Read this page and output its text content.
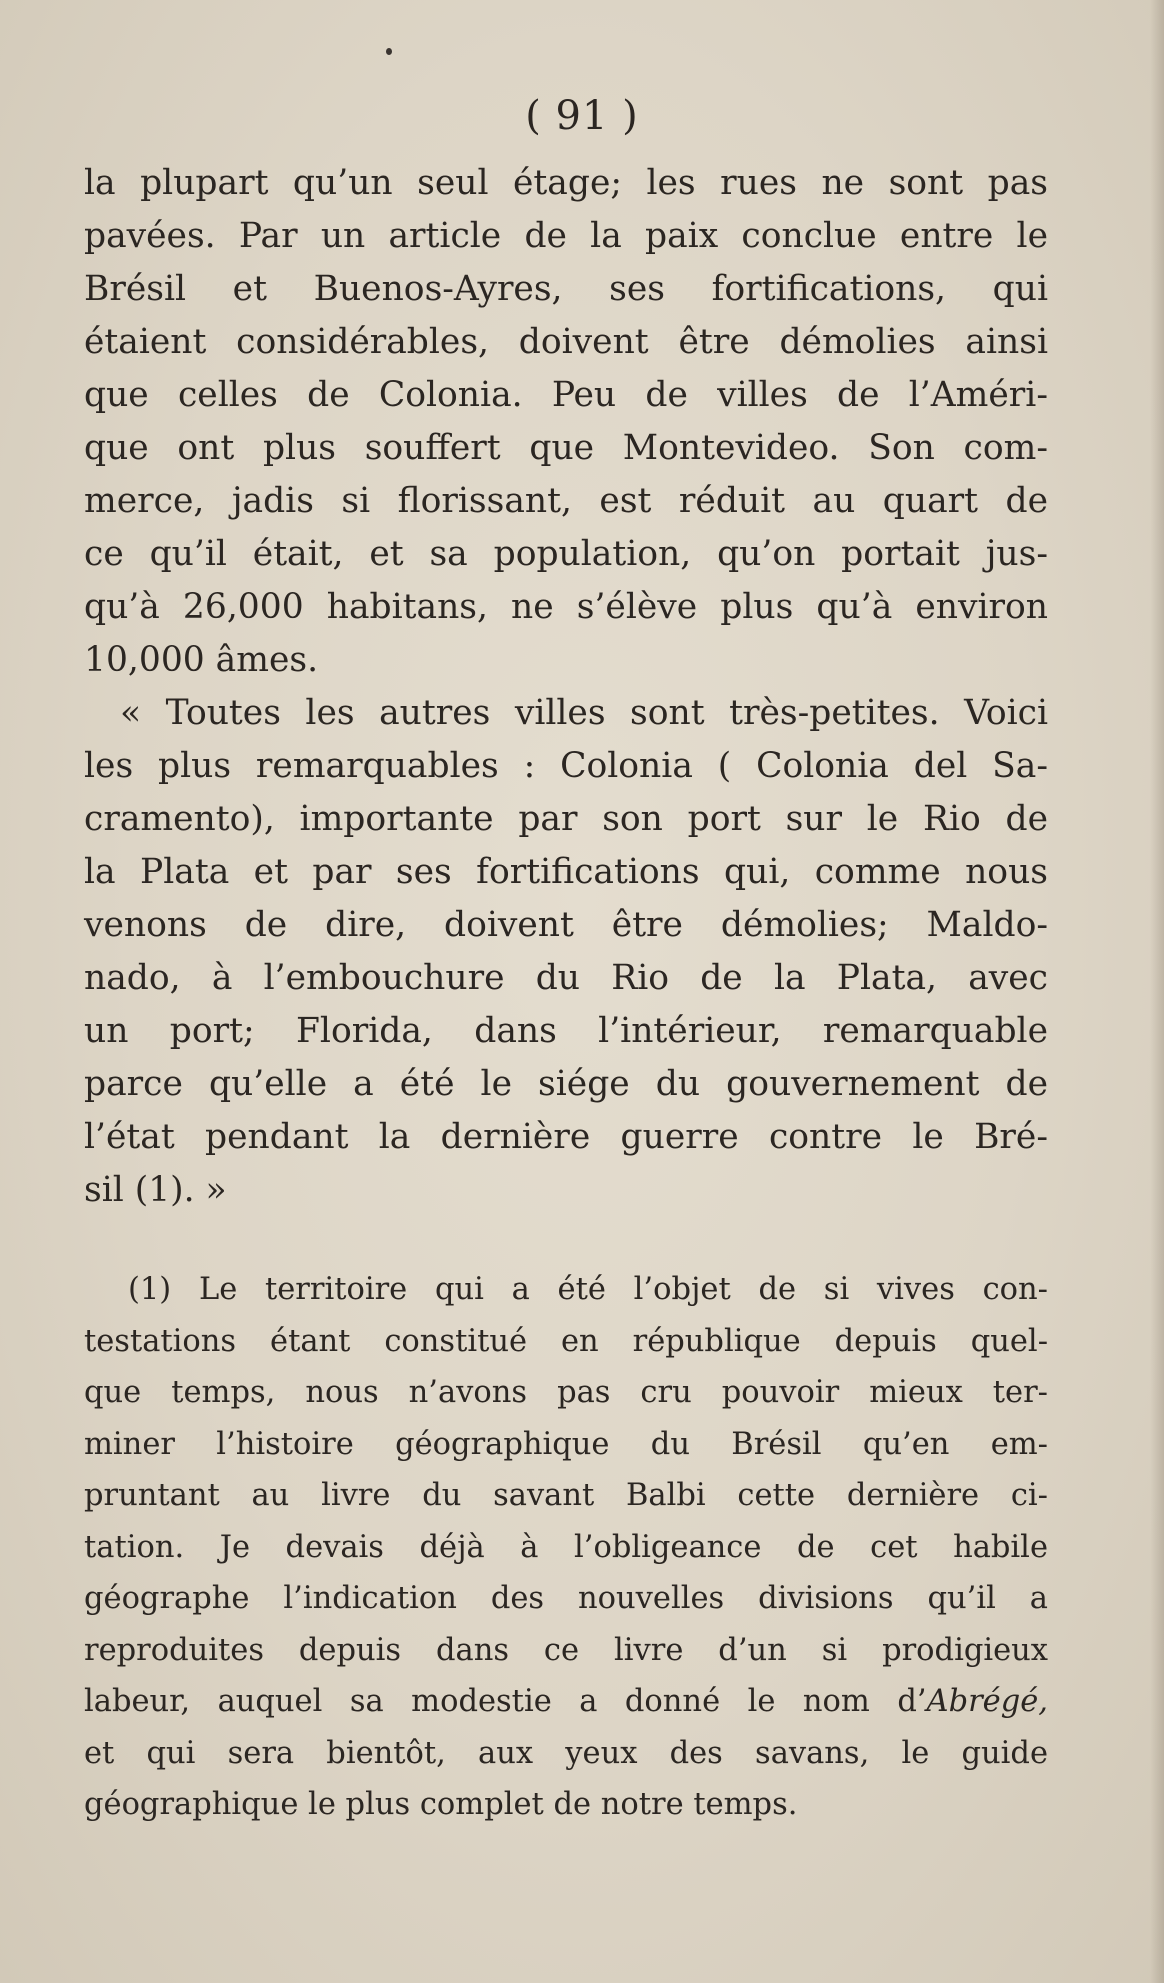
( 91 )
la plupart qu’un seul étage; les rues ne sont pas
pavées. Par un article de la paix conclue entre le
Brésil et Buenos-Ayres, ses fortifications, qui
étaient considérables, doivent être démolies ainsi
que celles de Colonia. Peu de villes de l’Améri-
que ont plus souffert que Montevideo. Son com-
merce, jadis si florissant, est réduit au quart de
ce qu’il était, et sa population, qu’on portait jus-
qu’à 26,000 habitans, ne s’élève plus qu’à environ
10,000 âmes.
« Toutes les autres villes sont très-petites. Voici
les plus remarquables : Colonia ( Colonia del Sa-
cramento), importante par son port sur le Rio de
la Plata et par ses fortifications qui, comme nous
venons de dire, doivent être démolies; Maldo-
nado, à l’embouchure du Rio de la Plata, avec
un port; Florida, dans l’intérieur, remarquable
parce qu’elle a été le siége du gouvernement de
l’état pendant la dernière guerre contre le Bré-
sil (1). »
(1) Le territoire qui a été l’objet de si vives con-
testations étant constitué en république depuis quel-
que temps, nous n’avons pas cru pouvoir mieux ter-
miner l’histoire géographique du Brésil qu’en em-
pruntant au livre du savant Balbi cette dernière ci-
tation. Je devais déjà à l’obligeance de cet habile
géographe l’indication des nouvelles divisions qu’il a
reproduites depuis dans ce livre d’un si prodigieux
labeur, auquel sa modestie a donné le nom d’Abrégé,
et qui sera bientôt, aux yeux des savans, le guide
géographique le plus complet de notre temps.
